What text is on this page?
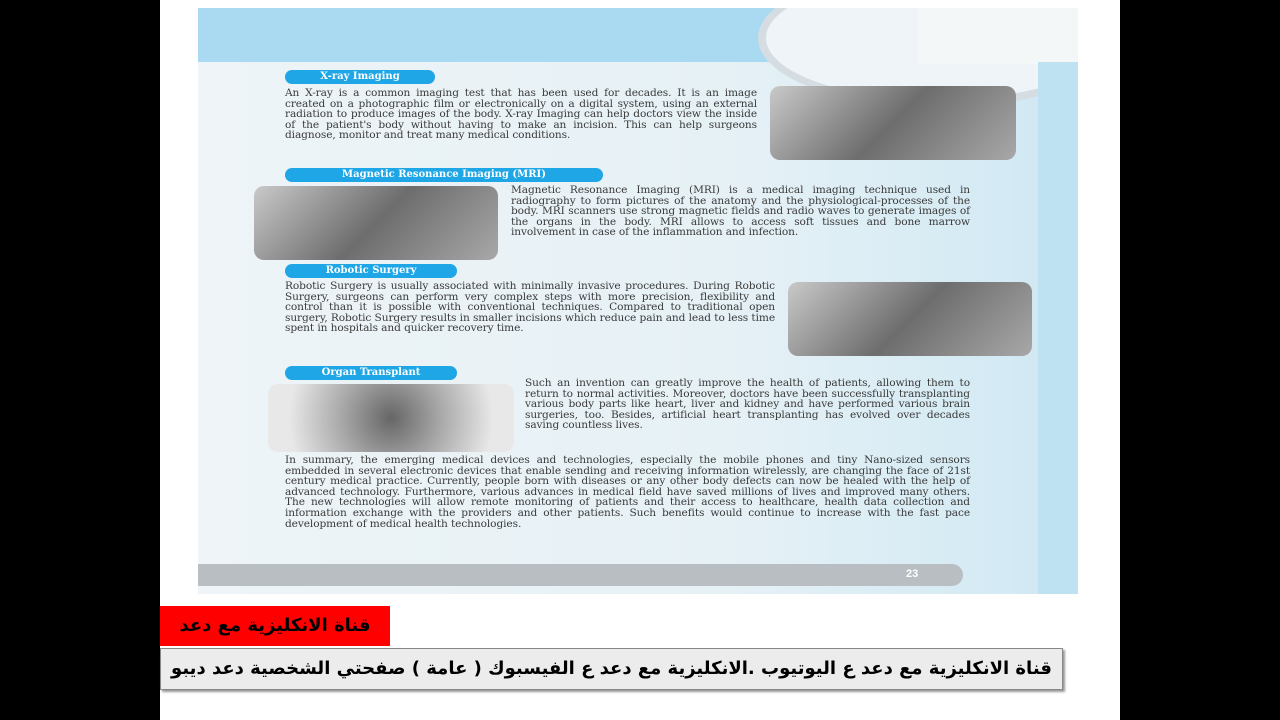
X-ray Imaging
An X-ray is a common imaging test that has been used for decades. It is an image created on a photographic film or electronically on a digital system, using an external radiation to produce images of the body. X-ray Imaging can help doctors view the inside of the patient's body without having to make an incision. This can help surgeons diagnose, monitor and treat many medical conditions.
Magnetic Resonance Imaging (MRI)
Magnetic Resonance Imaging (MRI) is a medical imaging technique used in radiography to form pictures of the anatomy and the physiological-processes of the body. MRI scanners use strong magnetic fields and radio waves to generate images of the organs in the body. MRI allows to access soft tissues and bone marrow involvement in case of the inflammation and infection.
Robotic Surgery
Robotic Surgery is usually associated with minimally invasive procedures. During Robotic Surgery, surgeons can perform very complex steps with more precision, flexibility and control than it is possible with conventional techniques. Compared to traditional open surgery, Robotic Surgery results in smaller incisions which reduce pain and lead to less time spent in hospitals and quicker recovery time.
Organ Transplant
Such an invention can greatly improve the health of patients, allowing them to return to normal activities. Moreover, doctors have been successfully transplanting various body parts like heart, liver and kidney and have performed various brain surgeries, too. Besides, artificial heart transplanting has evolved over decades saving countless lives.
In summary, the emerging medical devices and technologies, especially the mobile phones and tiny Nano-sized sensors embedded in several electronic devices that enable sending and receiving information wirelessly, are changing the face of 21st century medical practice. Currently, people born with diseases or any other body defects can now be healed with the help of advanced technology. Furthermore, various advances in medical field have saved millions of lives and improved many others. The new technologies will allow remote monitoring of patients and their access to healthcare, health data collection and information exchange with the providers and other patients. Such benefits would continue to increase with the fast pace development of medical health technologies.
23
قناة الانكليزية مع دعد
قناة الانكليزية مع دعد ع اليوتيوب .الانكليزية مع دعد ع الفيسبوك ( عامة ) صفحتي الشخصية دعد ديبو
